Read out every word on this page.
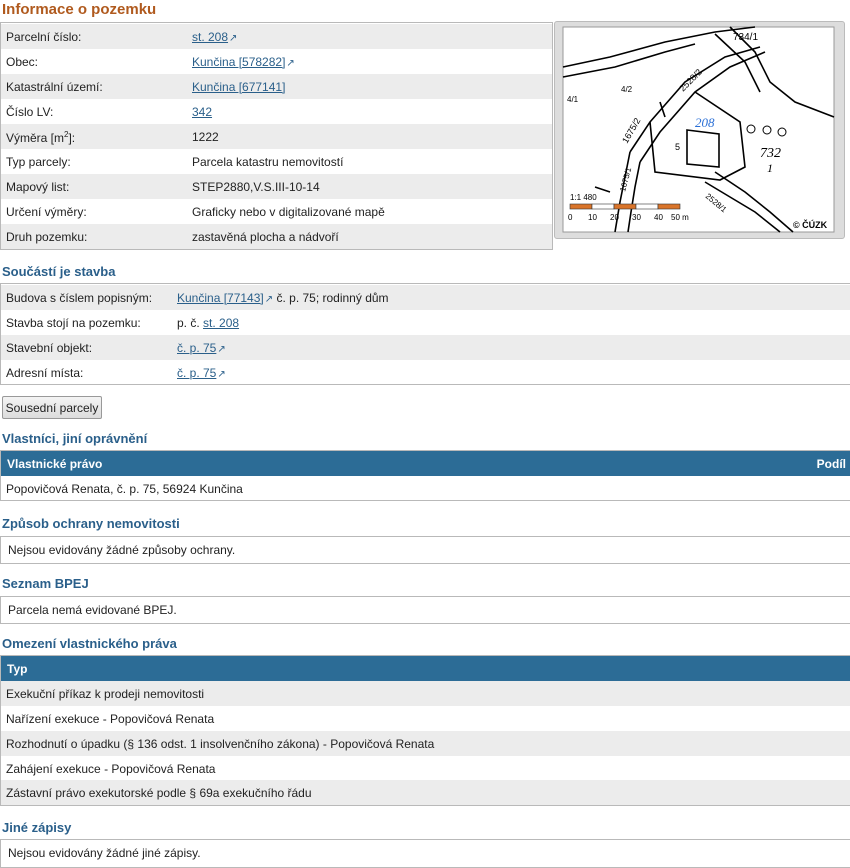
Informace o pozemku
Parcelní číslo:	st. 208↗
Obec:	Kunčina [578282]↗
Katastrální území:	Kunčina [677141]
Číslo LV:	342
Výměra $[m^2]$:	1222
Typ parcely:	Parcela katastru nemovitostí
Mapový list:	STEP2880,V.S.III-10-14
Určení výměry:	Graficky nebo v digitalizované mapě
Druh pozemku:	zastavěná plocha a nádvoří
734/1
732
1
208
2528/2
1675/2
4/1
2528/1
4/2
1675/1
5
1:1 480
0 10 20 30 40 50 m
© ČÚZK
Součástí je stavba
Budova s číslem popisným: Kunčina [77143]↗ č. p. 75; rodinný dům
Stavba stojí na pozemku:	p. č. st. 208
Stavební objekt:	č. p. 75↗
Adresní místa:	č. p. 75↗
Sousední parcely
Vlastníci, jiní oprávnění
Vlastnické právo	Podíl
Popovičová Renata, č. p. 75, 56924 Kunčina
Způsob ochrany nemovitosti
Nejsou evidovány žádné způsoby ochrany.
Seznam BPEJ
Parcela nemá evidované BPEJ.
Omezení vlastnického práva
Typ
Exekuční příkaz k prodeji nemovitosti
Nařízení exekuce - Popovičová Renata
Rozhodnutí o úpadku (§ 136 odst. 1 insolvenčního zákona) - Popovičová Renata
Zahájení exekuce - Popovičová Renata
Zástavní právo exekutorské podle § 69a exekučního řádu
Jiné zápisy
Nejsou evidovány žádné jiné zápisy.
